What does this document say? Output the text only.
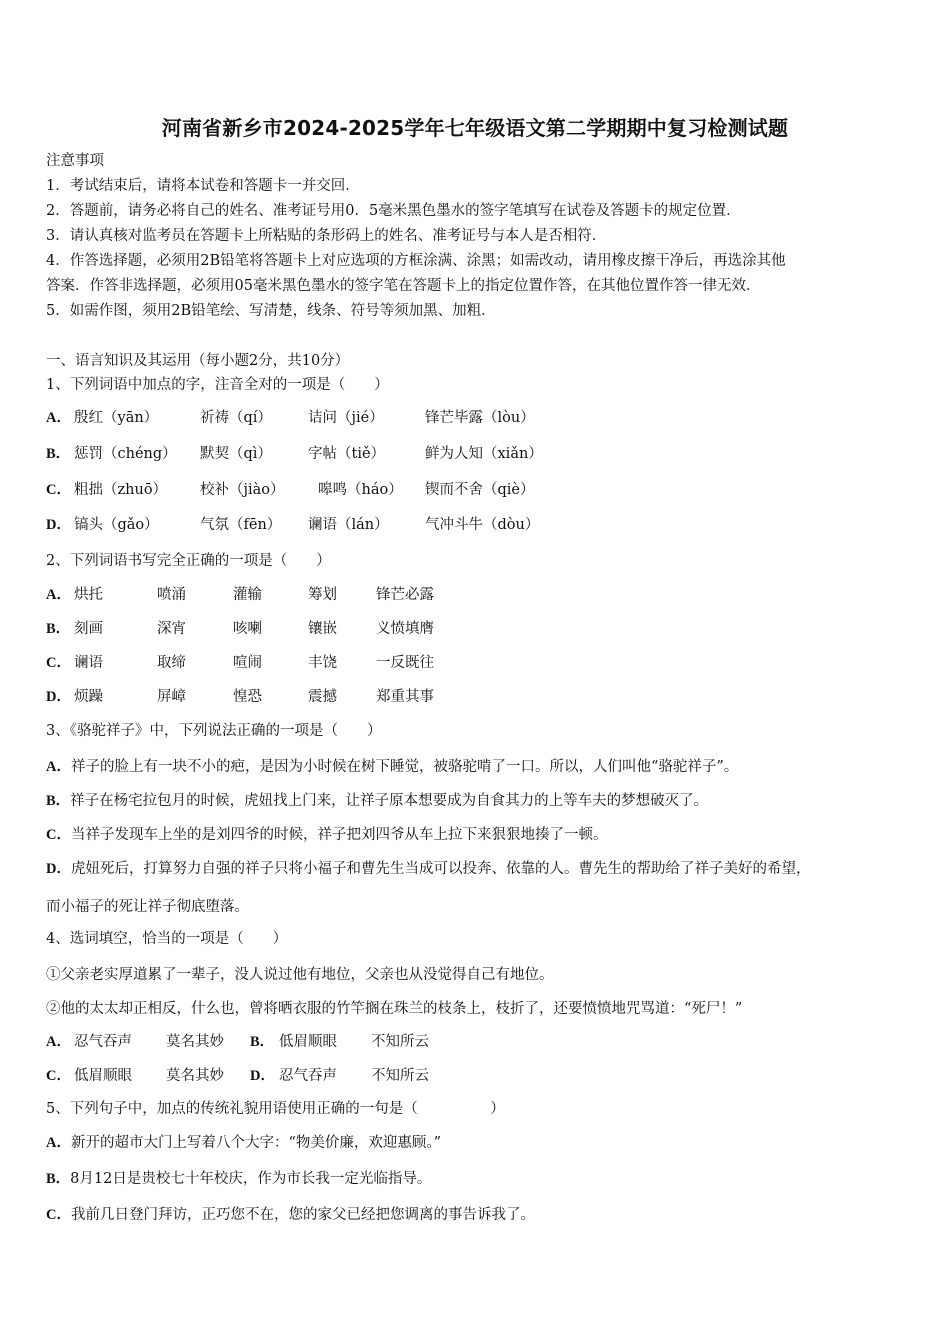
河南省新乡市2024-2025学年七年级语文第二学期期中复习检测试题
注意事项
1．考试结束后，请将本试卷和答题卡一并交回．
2．答题前，请务必将自己的姓名、准考证号用0．5毫米黑色墨水的签字笔填写在试卷及答题卡的规定位置．
3．请认真核对监考员在答题卡上所粘贴的条形码上的姓名、准考证号与本人是否相符．
4．作答选择题，必须用2B铅笔将答题卡上对应选项的方框涂满、涂黑；如需改动，请用橡皮擦干净后，再选涂其他
答案．作答非选择题，必须用05毫米黑色墨水的签字笔在答题卡上的指定位置作答，在其他位置作答一律无效．
5．如需作图，须用2B铅笔绘、写清楚，线条、符号等须加黑、加粗．
一、语言知识及其运用（每小题2分，共10分）
1、下列词语中加点的字，注音全对的一项是（　　）
A． 殷红（yān）	祈祷（qí） 诘问（jié）	锋芒毕露（lòu）
B． 惩罚（chéng） 默契（qì） 字帖（tiě）	鲜为人知（xiǎn）
C． 粗拙（zhuō） 校补（jiào） 嗥鸣（háo） 锲而不舍（qiè）
D． 镐头（gǎo）	气氛（fēn） 谰语（lán）	气冲斗牛（dòu）
2、下列词语书写完全正确的一项是（　　）
A． 烘托	喷涌	灌输	筹划	锋芒必露
B． 刻画	深宵	咳喇	镶嵌	义愤填膺
C． 谰语	取缔	喧闹	丰饶	一反既往
D． 烦躁	屏嶂	惶恐	震撼	郑重其事
3、《骆驼祥子》中，下列说法正确的一项是（　　）
A．祥子的脸上有一块不小的疤，是因为小时候在树下睡觉，被骆驼啃了一口。所以，人们叫他“骆驼祥子”。
B．祥子在杨宅拉包月的时候，虎妞找上门来，让祥子原本想要成为自食其力的上等车夫的梦想破灭了。
C．当祥子发现车上坐的是刘四爷的时候，祥子把刘四爷从车上拉下来狠狠地揍了一顿。
D．虎妞死后，打算努力自强的祥子只将小福子和曹先生当成可以投奔、依靠的人。曹先生的帮助给了祥子美好的希望，
而小福子的死让祥子彻底堕落。
4、选词填空，恰当的一项是（　　）
①父亲老实厚道累了一辈子，没人说过他有地位，父亲也从没觉得自己有地位。
②他的太太却正相反，什么也，曾将晒衣服的竹竿搁在珠兰的枝条上，枝折了，还要愤愤地咒骂道：“死尸！”
A． 忍气吞声 莫名其妙 B． 低眉顺眼 不知所云
C． 低眉顺眼 莫名其妙 D． 忍气吞声 不知所云
5、下列句子中，加点的传统礼貌用语使用正确的一句是（　　　　　）
A．新开的超市大门上写着八个大字：“物美价廉，欢迎惠顾。”
B．8月12日是贵校七十年校庆，作为市长我一定光临指导。
C．我前几日登门拜访，正巧您不在，您的家父已经把您调离的事告诉我了。
